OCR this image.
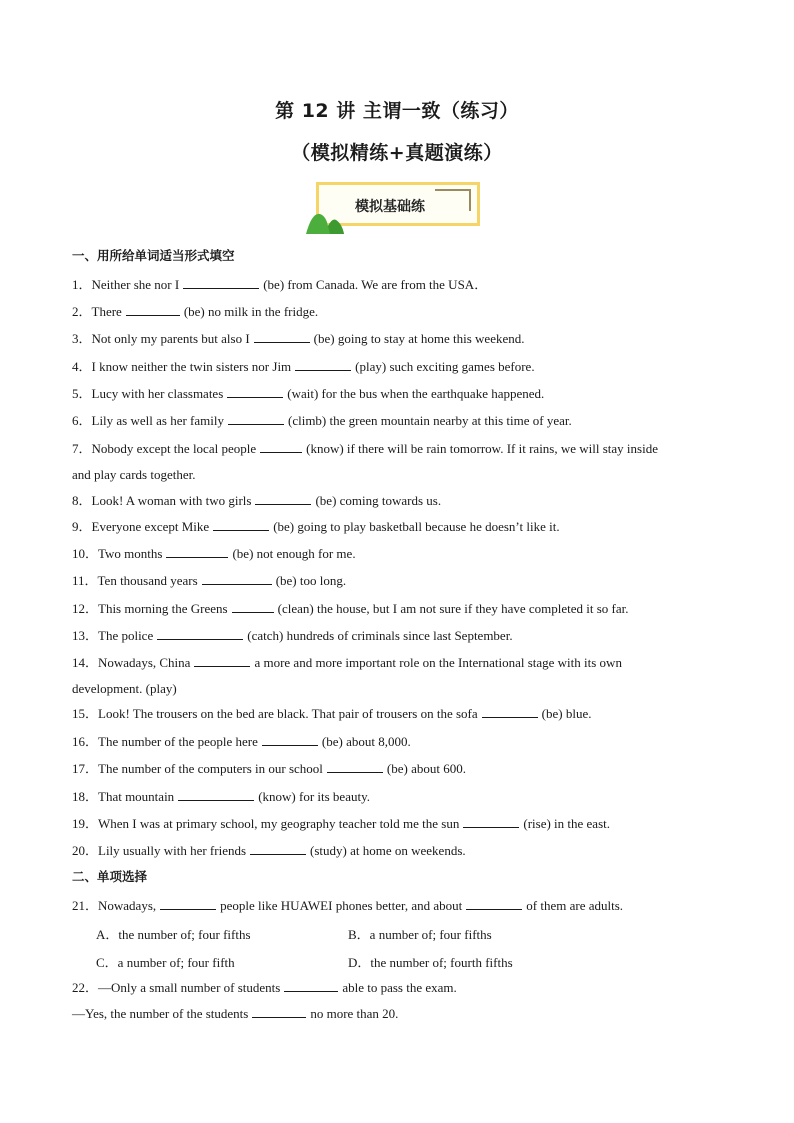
第 12 讲 主谓一致（练习）
（模拟精练+真题演练）
模拟基础练
一、用所给单词适当形式填空
1．Neither she nor I	(be) from Canada. We are from the USA．
2．There	(be) no milk in the fridge.
3．Not only my parents but also I	(be) going to stay at home this weekend.
4．I know neither the twin sisters nor Jim	(play) such exciting games before.
5．Lucy with her classmates	(wait) for the bus when the earthquake happened.
6．Lily as well as her family	(climb) the green mountain nearby at this time of year.
7．Nobody except the local people	(know) if there will be rain tomorrow. If it rains, we will stay inside
8．Look! A woman with two girls	(be) coming towards us.
9．Everyone except Mike	(be) going to play basketball because he doesn’t like it.
10．Two months	(be) not enough for me.
11．Ten thousand years	(be) too long.
12．This morning the Greens	(clean) the house, but I am not sure if they have completed it so far.
13．The police	(catch) hundreds of criminals since last September.
14．Nowadays, China	a more and more important role on the International stage with its own
15．Look! The trousers on the bed are black. That pair of trousers on the sofa	(be) blue.
16．The number of the people here	(be) about 8,000.
17．The number of the computers in our school	(be) about 600.
18．That mountain	(know) for its beauty.
19．When I was at primary school, my geography teacher told me the sun	(rise) in the east.
20．Lily usually with her friends	(study) at home on weekends.
and play cards together.
development. (play)
二、单项选择
21．Nowadays,	people like HUAWEI phones better, and about	of them are adults.
A．the number of; four fifths	B．a number of; four fifths
C．a number of; four fifth	D．the number of; fourth fifths
22．—Only a small number of students	able to pass the exam.
—Yes, the number of the students	no more than 20.
